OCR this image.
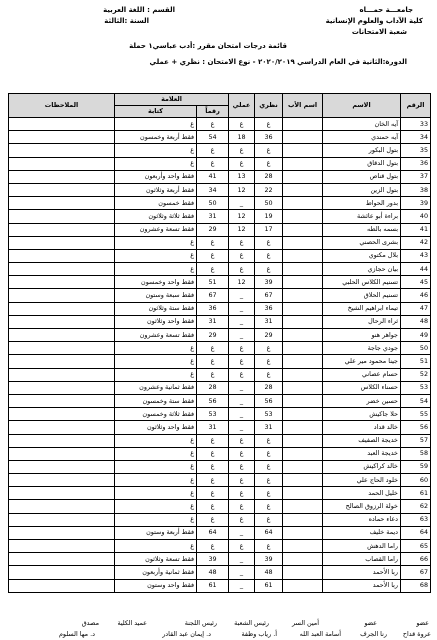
جامعـــة حمـــاه
كلية الآداب والعلوم الإنسانية
شعبة الامتحانات
القسم : اللغة العربية
السنة :الثالثة
قائمة درجات امتحان مقرر :أدب عباسي١ حملة
الدورة:الثانية في العام الدراسي ٢٠٢٠/٢٠١٩ - نوع الامتحان : نظري + عملي
الرقم	الاسم	اسم الأب	نظري	عملي	العلامة		الملاحظات
					رقماً	كتابة	
33	آيه الخان		غ	غ	غ	غ	
34	آيه حمندي		36	18	54	فقط أربعة وخمسون	
35	بتول البكور		غ	غ	غ	غ	
36	بتول الدقاق		غ	غ	غ	غ	
37	بتول قناص		28	13	41	فقط واحد وأربعون	
38	بتول الزين		22	12	34	فقط أربعة وثلاثون	
39	بدور الحواط		50	_	50	فقط خمسون	
40	براءة أبو عائشة		19	12	31	فقط ثلاثة وثلاثون	
41	بسمه بالطه		17	12	29	فقط تسعة وعشرون	
42	بشرى الحصني		غ	غ	غ	غ	
43	بلال مكتوي		غ	غ	غ	غ	
44	بيان حجازي		غ	غ	غ	غ	
45	تسنيم الكلاس الحلبي		39	12	51	فقط واحد وخمسون	
46	تسنيم الحلاق		67	_	67	فقط سبعة وستون	
47	تيماء ابراهيم الشيخ		36	_	36	فقط ستة وثلاثون	
48	ثراء الرحال		31	_	31	فقط واحد وثلاثون	
49	جواهر هنو		29	_	29	فقط تسعة وعشرون	
50	جودي جاجة		غ	غ	غ	غ	
51	جينا محمود مير علي		غ	غ	غ	غ	
52	حسام عصاني		غ	غ	غ	غ	
53	حسناء الكلاس		28	_	28	فقط ثمانية وعشرون	
54	حسين خضر		56	_	56	فقط ستة وخمسون	
55	حلا جاكيش		53	_	53	فقط ثلاثة وخمسون	
56	خالد قداد		31	_	31	فقط واحد وثلاثون	
57	خديجة الصفيف		غ	غ	غ	غ	
58	خديجة العبد		غ	غ	غ	غ	
59	خالد كراكيش		غ	غ	غ	غ	
60	خلود الحاج علي		غ	غ	غ	غ	
61	خليل الحمد		غ	غ	غ	غ	
62	خولة الرزوق الصالح		غ	غ	غ	غ	
63	دعاء حماده		غ	غ	غ	غ	
64	ديمة خليف		64	_	64	فقط أربعة وستون	
65	راما الدهش		غ	غ	غ	غ	
66	راما القصاب		39	_	39	فقط تسعة وثلاثون	
67	ربا الأحمد		48	_	48	فقط ثمانية وأربعون	
68	ربا الأحمد		61	_	61	فقط واحد وستون	
عضو
عضو
أمين السر
رئيس الشعبة
رئيس اللجنة
عميد الكلية
مصدق
عروة قداح
رنا الجرف
أسامة العبد الله
أ. رياب وظفة
د. إيمان عبد القادر
د. مها السلوم
